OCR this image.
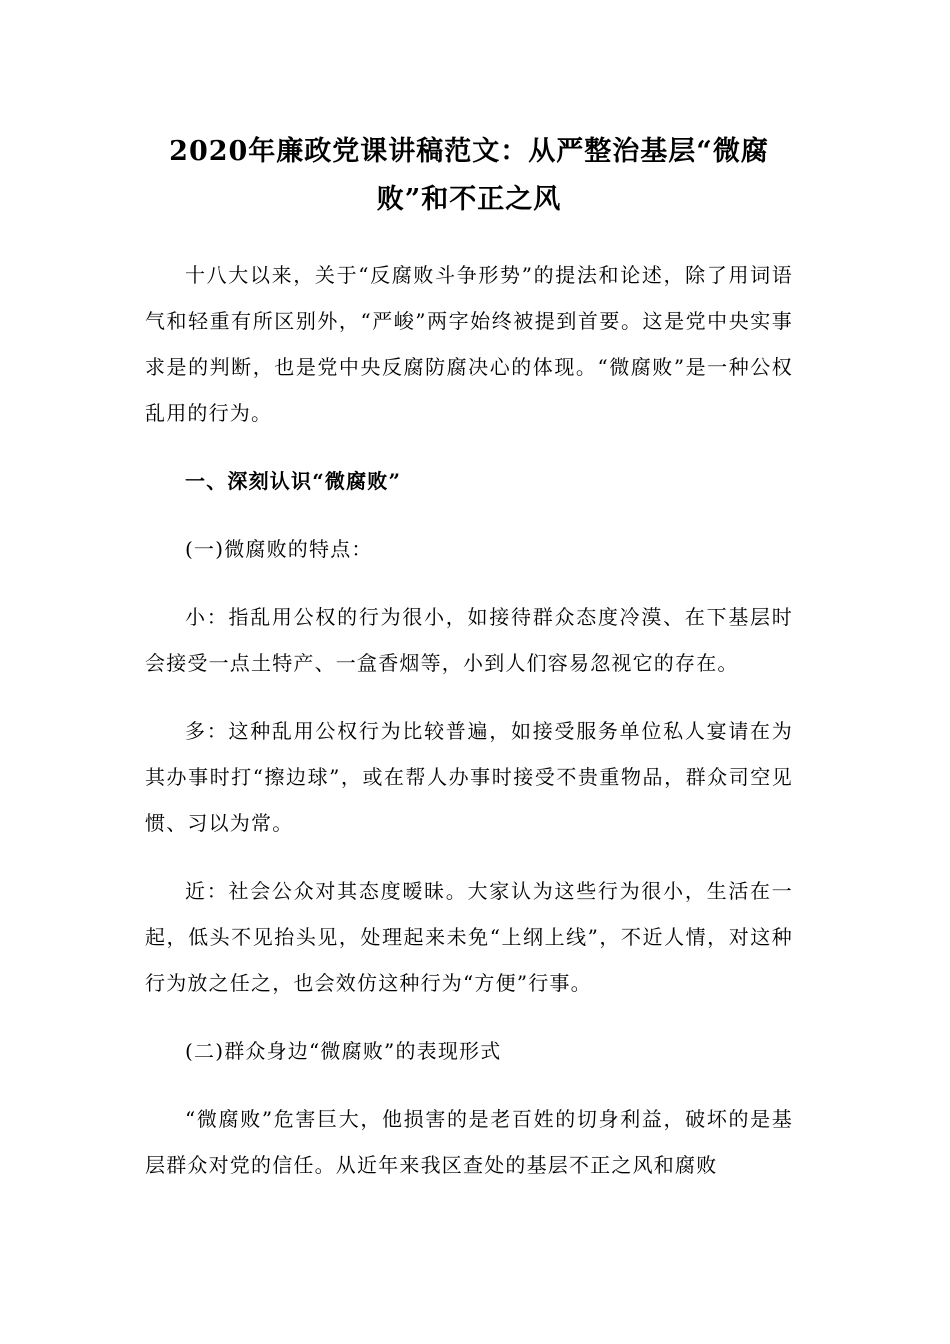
2020年廉政党课讲稿范文：从严整治基层“微腐败”和不正之风

十八大以来，关于“反腐败斗争形势”的提法和论述，除了用词语气和轻重有所区别外，“严峻”两字始终被提到首要。这是党中央实事求是的判断，也是党中央反腐防腐决心的体现。“微腐败”是一种公权乱用的行为。

一、深刻认识“微腐败”

(一)微腐败的特点：

小：指乱用公权的行为很小，如接待群众态度冷漠、在下基层时会接受一点土特产、一盒香烟等，小到人们容易忽视它的存在。

多：这种乱用公权行为比较普遍，如接受服务单位私人宴请在为其办事时打“擦边球”，或在帮人办事时接受不贵重物品，群众司空见惯、习以为常。

近：社会公众对其态度暧昧。大家认为这些行为很小，生活在一起，低头不见抬头见，处理起来未免“上纲上线”，不近人情，对这种行为放之任之，也会效仿这种行为“方便”行事。

(二)群众身边“微腐败”的表现形式

“微腐败”危害巨大，他损害的是老百姓的切身利益，破坏的是基层群众对党的信任。从近年来我区查处的基层不正之风和腐败
